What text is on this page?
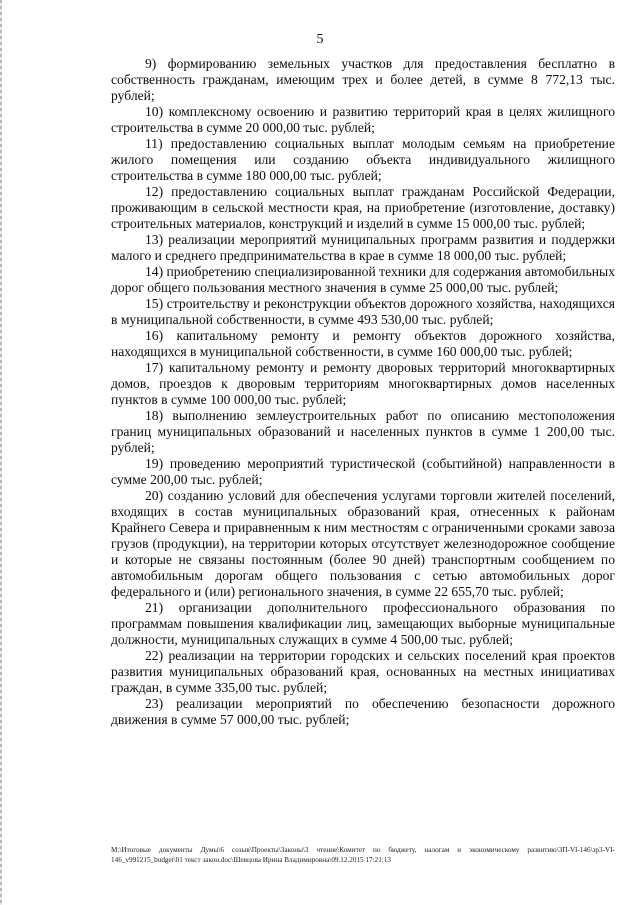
5

9) формированию земельных участков для предоставления бесплатно в собственность гражданам, имеющим трех и более детей, в сумме 8 772,13 тыс. рублей;

10) комплексному освоению и развитию территорий края в целях жилищного строительства в сумме 20 000,00 тыс. рублей;

11) предоставлению социальных выплат молодым семьям на приобретение жилого помещения или созданию объекта индивидуального жилищного строительства в сумме 180 000,00 тыс. рублей;

12) предоставлению социальных выплат гражданам Российской Федерации, проживающим в сельской местности края, на приобретение (изготовление, доставку) строительных материалов, конструкций и изделий в сумме 15 000,00 тыс. рублей;

13) реализации мероприятий муниципальных программ развития и поддержки малого и среднего предпринимательства в крае в сумме 18 000,00 тыс. рублей;

14) приобретению специализированной техники для содержания автомобильных дорог общего пользования местного значения в сумме 25 000,00 тыс. рублей;

15) строительству и реконструкции объектов дорожного хозяйства, находящихся в муниципальной собственности, в сумме 493 530,00 тыс. рублей;

16) капитальному ремонту и ремонту объектов дорожного хозяйства, находящихся в муниципальной собственности, в сумме 160 000,00 тыс. рублей;

17) капитальному ремонту и ремонту дворовых территорий многоквартирных домов, проездов к дворовым территориям многоквартирных домов населенных пунктов в сумме 100 000,00 тыс. рублей;

18) выполнению землеустроительных работ по описанию местоположения границ муниципальных образований и населенных пунктов в сумме 1 200,00 тыс. рублей;

19) проведению мероприятий туристической (событийной) направленности в сумме 200,00 тыс. рублей;

20) созданию условий для обеспечения услугами торговли жителей поселений, входящих в состав муниципальных образований края, отнесенных к районам Крайнего Севера и приравненным к ним местностям с ограниченными сроками завоза грузов (продукции), на территории которых отсутствует железнодорожное сообщение и которые не связаны постоянным (более 90 дней) транспортным сообщением по автомобильным дорогам общего пользования с сетью автомобильных дорог федерального и (или) регионального значения, в сумме 22 655,70 тыс. рублей;

21) организации дополнительного профессионального образования по программам повышения квалификации лиц, замещающих выборные муниципальные должности, муниципальных служащих в сумме 4 500,00 тыс. рублей;

22) реализации на территории городских и сельских поселений края проектов развития муниципальных образований края, основанных на местных инициативах граждан, в сумме 335,00 тыс. рублей;

23) реализации мероприятий по обеспечению безопасности дорожного движения в сумме 57 000,00 тыс. рублей;

М:\Итоговые документы Думы\6 созыв\Проекты\Законы\3 чтение\Комитет по бюджету, налогам и экономическому развитию\ЗП-VI-146\зр3-VI-146_v991215_budget\01 текст закон.doc\Шевцова Ирина Владимировна\09.12.2015 17:21:13
